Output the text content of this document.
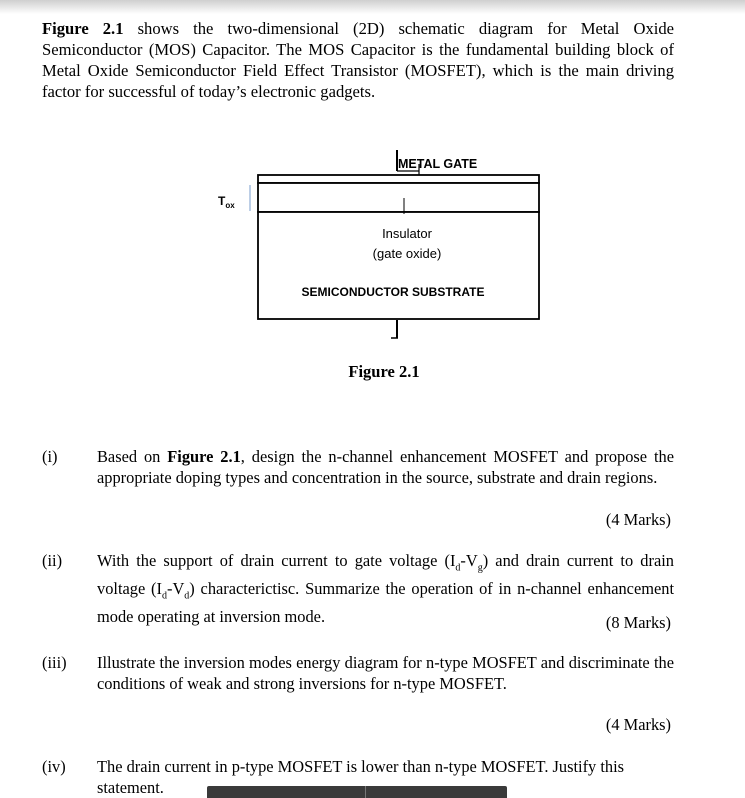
Figure 2.1 shows the two-dimensional (2D) schematic diagram for Metal Oxide Semiconductor (MOS) Capacitor. The MOS Capacitor is the fundamental building block of Metal Oxide Semiconductor Field Effect Transistor (MOSFET), which is the main driving factor for successful of today’s electronic gadgets.

METAL GATE
$T_{ox}$
Insulator
(gate oxide)
SEMICONDUCTOR SUBSTRATE
Figure 2.1
(i) Based on Figure 2.1, design the n-channel enhancement MOSFET and propose the appropriate doping types and concentration in the source, substrate and drain regions.
(4 Marks)
(ii) With the support of drain current to gate voltage $(I_d-V_g)$ and drain current to drain voltage $(I_d-V_d)$ characterictisc. Summarize the operation of in n-channel enhancement mode operating at inversion mode.	(8 Marks)
(iii) Illustrate the inversion modes energy diagram for n-type MOSFET and discriminate the conditions of weak and strong inversions for n-type MOSFET.
(4 Marks)
(iv) The drain current in p-type MOSFET is lower than n-type MOSFET. Justify this statement.
